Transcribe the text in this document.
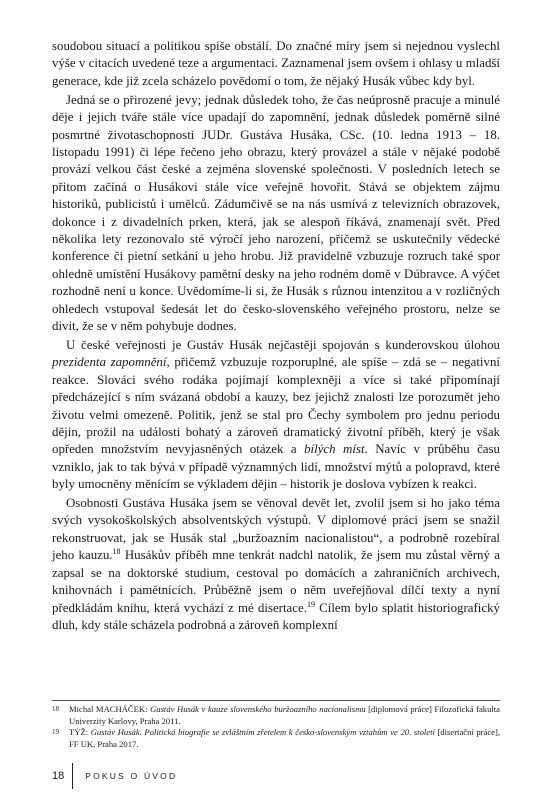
soudobou situací a politikou spíše obstálí. Do značné míry jsem si nejednou vyslechl výše v citacích uvedené teze a argumentaci. Zaznamenal jsem ovšem i ohlasy u mladší generace, kde již zcela scházelo povědomí o tom, že nějaký Husák vůbec kdy byl.

Jedná se o přirozené jevy; jednak důsledek toho, že čas neúprosně pracuje a minulé děje i jejich tváře stále více upadají do zapomnění, jednak důsledek poměrně silné posmrtné životaschopnosti JUDr. Gustáva Husáka, CSc. (10. ledna 1913 – 18. listopadu 1991) či lépe řečeno jeho obrazu, který provázel a stále v nějaké podobě provází velkou část české a zejména slovenské společnosti. V posledních letech se přitom začíná o Husákovi stále více veřejně hovořit. Stává se objektem zájmu historiků, publicistů i umělců. Zádumčivě se na nás usmívá z televizních obrazovek, dokonce i z divadelních prken, která, jak se alespoň říkává, znamenají svět. Před několika lety rezonovalo sté výročí jeho narození, přičemž se uskutečnily vědecké konference či pietní setkání u jeho hrobu. Již pravidelně vzbuzuje rozruch také spor ohledně umístění Husákovy pamětní desky na jeho rodném domě v Dúbravce. A výčet rozhodně není u konce. Uvědomíme-li si, že Husák s různou intenzitou a v rozličných ohledech vstupoval šedesát let do česko-slovenského veřejného prostoru, nelze se divit, že se v něm pohybuje dodnes.

U české veřejnosti je Gustáv Husák nejčastěji spojován s kunderovskou úlohou prezidenta zapomnění, přičemž vzbuzuje rozporuplné, ale spíše – zdá se – negativní reakce. Slováci svého rodáka pojímají komplexněji a více si také připomínají předcházející s ním svázaná období a kauzy, bez jejichž znalosti lze porozumět jeho životu velmi omezeně. Politik, jenž se stal pro Čechy symbolem pro jednu periodu dějin, prožil na události bohatý a zároveň dramatický životní příběh, který je však opředen množstvím nevyjasněných otázek a bílých míst. Navíc v průběhu času vzniklo, jak to tak bývá v případě významných lidí, množství mýtů a polopravd, které byly umocněny měnícím se výkladem dějin – historik je doslova vybízen k reakci.

Osobnosti Gustáva Husáka jsem se věnoval devět let, zvolil jsem si ho jako téma svých vysokoškolských absolventských výstupů. V diplomové práci jsem se snažil rekonstruovat, jak se Husák stal „buržoazním nacionalistou“, a podrobně rozebíral jeho kauzu.$^{18}$ Husákův příběh mne tenkrát nadchl natolik, že jsem mu zůstal věrný a zapsal se na doktorské studium, cestoval po domácích a zahraničních archivech, knihovnách i pamětnících. Průběžně jsem o něm uveřejňoval dílčí texty a nyní předkládám knihu, která vychází z mé disertace.$^{19}$ Cílem bylo splatit historiografický dluh, kdy stále scházela podrobná a zároveň komplexní

18	Michal MACHÁČEK: Gustáv Husák v kauze slovenského buržoazního nacionalismu [diplomová práce] Filozofická fakulta Univerzity Karlovy, Praha 2011.
19	TÝŽ: Gustáv Husák. Politická biografie se zvláštním zřetelem k česko-slovenským vztahům ve 20. století [disertační práce], FF UK, Praha 2017.
18	POKUS O ÚVOD
